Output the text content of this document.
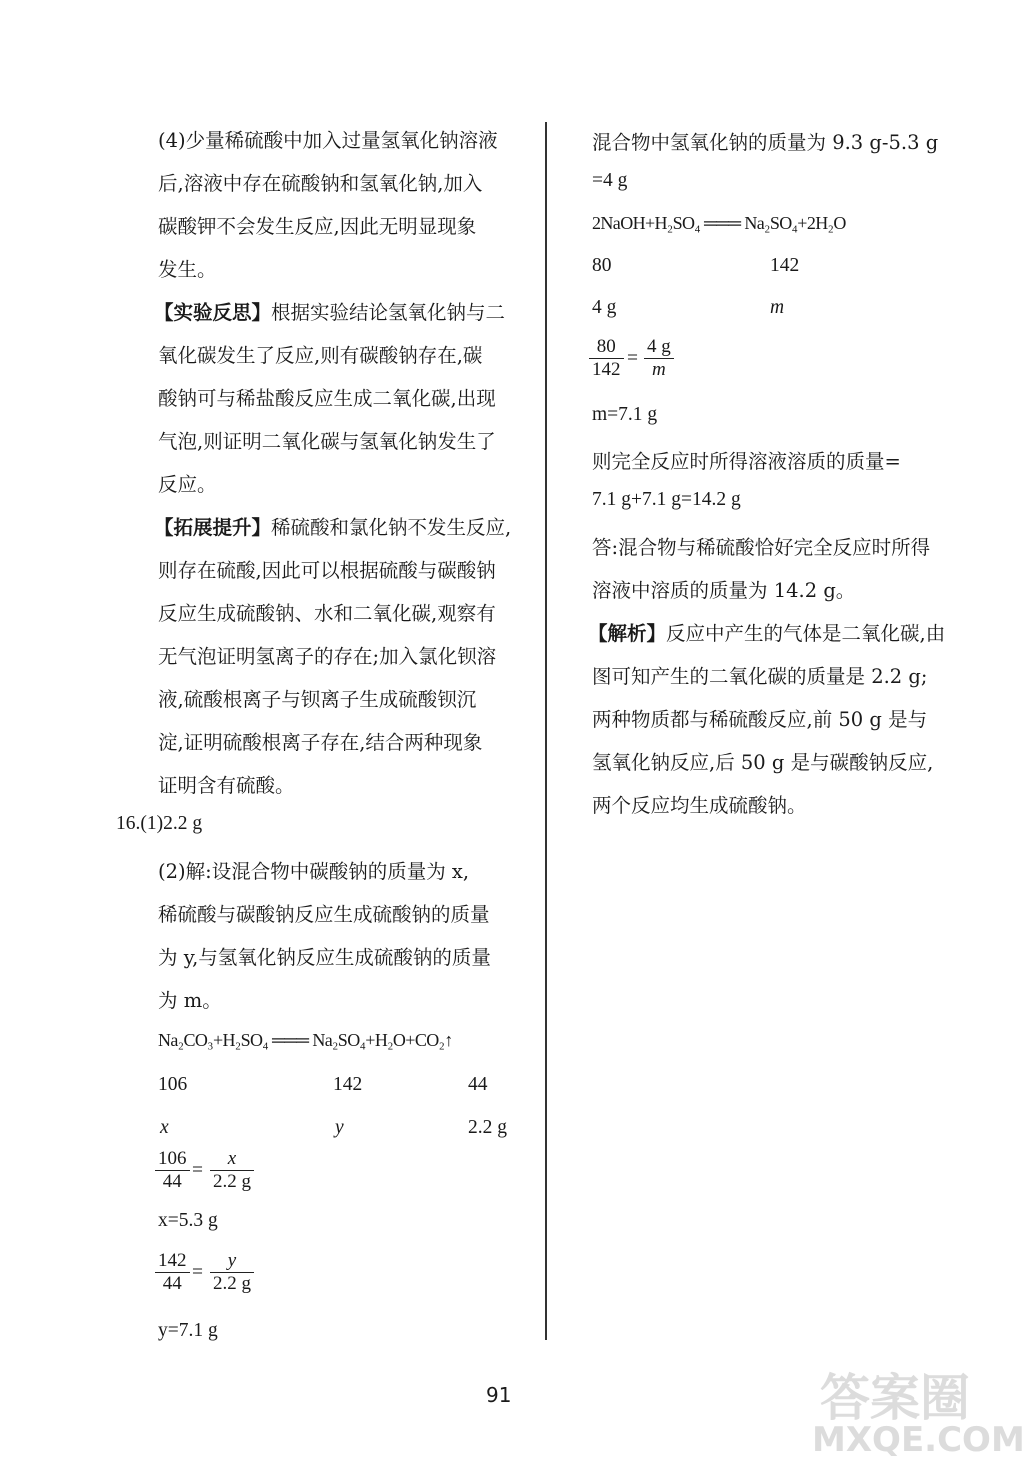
(4)少量稀硫酸中加入过量氢氧化钠溶液
后,溶液中存在硫酸钠和氢氧化钠,加入
碳酸钾不会发生反应,因此无明显现象
发生。
【实验反思】根据实验结论氢氧化钠与二
氧化碳发生了反应,则有碳酸钠存在,碳
酸钠可与稀盐酸反应生成二氧化碳,出现
气泡,则证明二氧化碳与氢氧化钠发生了
反应。
【拓展提升】稀硫酸和氯化钠不发生反应,
则存在硫酸,因此可以根据硫酸与碳酸钠
反应生成硫酸钠、水和二氧化碳,观察有
无气泡证明氢离子的存在;加入氯化钡溶
液,硫酸根离子与钡离子生成硫酸钡沉
淀,证明硫酸根离子存在,结合两种现象
证明含有硫酸。
16.(1)2.2 g
(2)解:设混合物中碳酸钠的质量为 x,
稀硫酸与碳酸钠反应生成硫酸钠的质量
为 y,与氢氧化钠反应生成硫酸钠的质量
为 m。
Na₂CO₃+H₂SO₄ ═══ Na₂SO₄+H₂O+CO₂↑
106	142	44
x	y	2.2 g
$\frac{106}{44} = \frac{x}{2.2 g}$
x=5.3 g
$\frac{142}{44} = \frac{y}{2.2 g}$
y=7.1 g
混合物中氢氧化钠的质量为 9.3 g-5.3 g
=4 g
2NaOH+H₂SO₄ ═══ Na₂SO₄+2H₂O
80	142
4 g	m
$\frac{80}{142} = \frac{4 g}{m}$
m=7.1 g
则完全反应时所得溶液溶质的质量=
7.1 g+7.1 g=14.2 g
答:混合物与稀硫酸恰好完全反应时所得
溶液中溶质的质量为 14.2 g。
【解析】反应中产生的气体是二氧化碳,由
图可知产生的二氧化碳的质量是 2.2 g;
两种物质都与稀硫酸反应,前 50 g 是与
氢氧化钠反应,后 50 g 是与碳酸钠反应,
两个反应均生成硫酸钠。
91	答案圈
MXQE.COM
